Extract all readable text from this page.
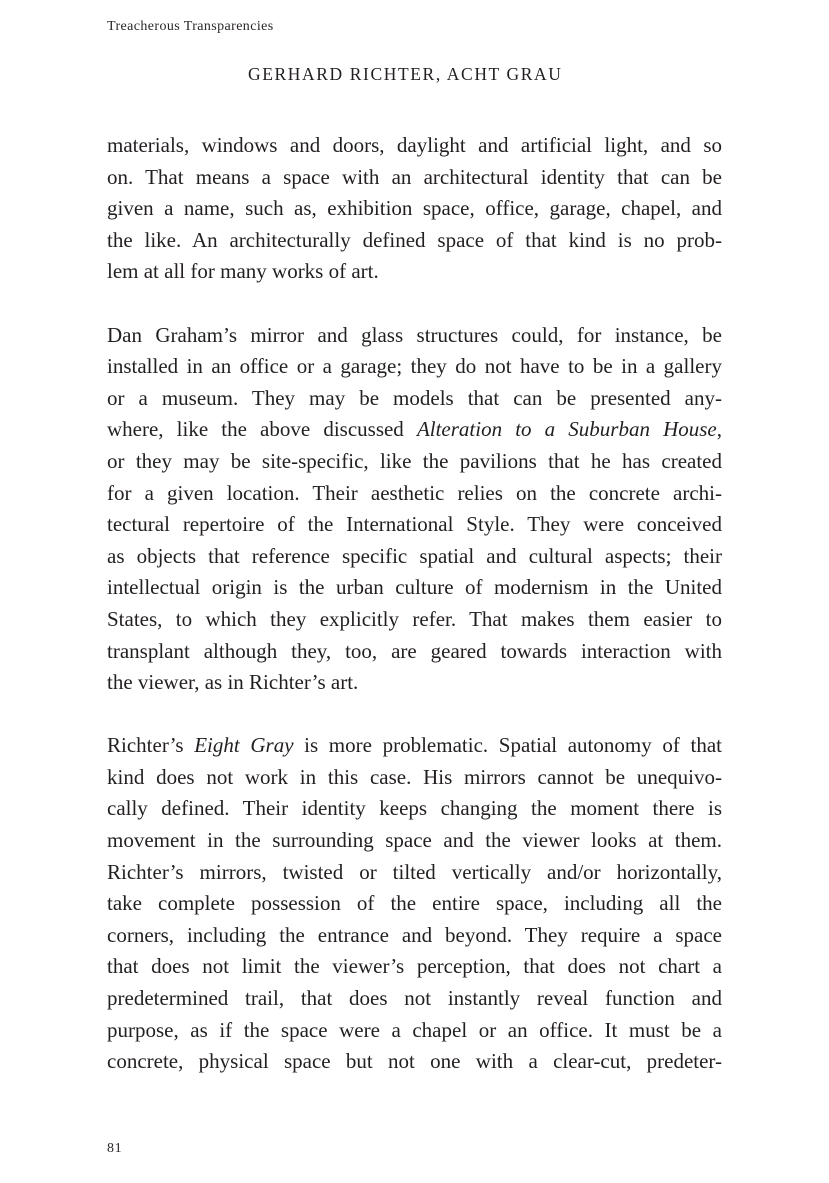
Treacherous Transparencies
GERHARD RICHTER, ACHT GRAU

materials, windows and doors, daylight and artificial light, and so
on. That means a space with an architectural identity that can be
given a name, such as, exhibition space, office, garage, chapel, and
the like. An architecturally defined space of that kind is no prob-
lem at all for many works of art.

Dan Graham’s mirror and glass structures could, for instance, be
installed in an office or a garage; they do not have to be in a gallery
or a museum. They may be models that can be presented any-
where, like the above discussed Alteration to a Suburban House,
or they may be site-specific, like the pavilions that he has created
for a given location. Their aesthetic relies on the concrete archi-
tectural repertoire of the International Style. They were conceived
as objects that reference specific spatial and cultural aspects; their
intellectual origin is the urban culture of modernism in the United
States, to which they explicitly refer. That makes them easier to
transplant although they, too, are geared towards interaction with
the viewer, as in Richter’s art.

Richter’s Eight Gray is more problematic. Spatial autonomy of that
kind does not work in this case. His mirrors cannot be unequivo-
cally defined. Their identity keeps changing the moment there is
movement in the surrounding space and the viewer looks at them.
Richter’s mirrors, twisted or tilted vertically and/or horizontally,
take complete possession of the entire space, including all the
corners, including the entrance and beyond. They require a space
that does not limit the viewer’s perception, that does not chart a
predetermined trail, that does not instantly reveal function and
purpose, as if the space were a chapel or an office. It must be a
concrete, physical space but not one with a clear-cut, predeter-

81
